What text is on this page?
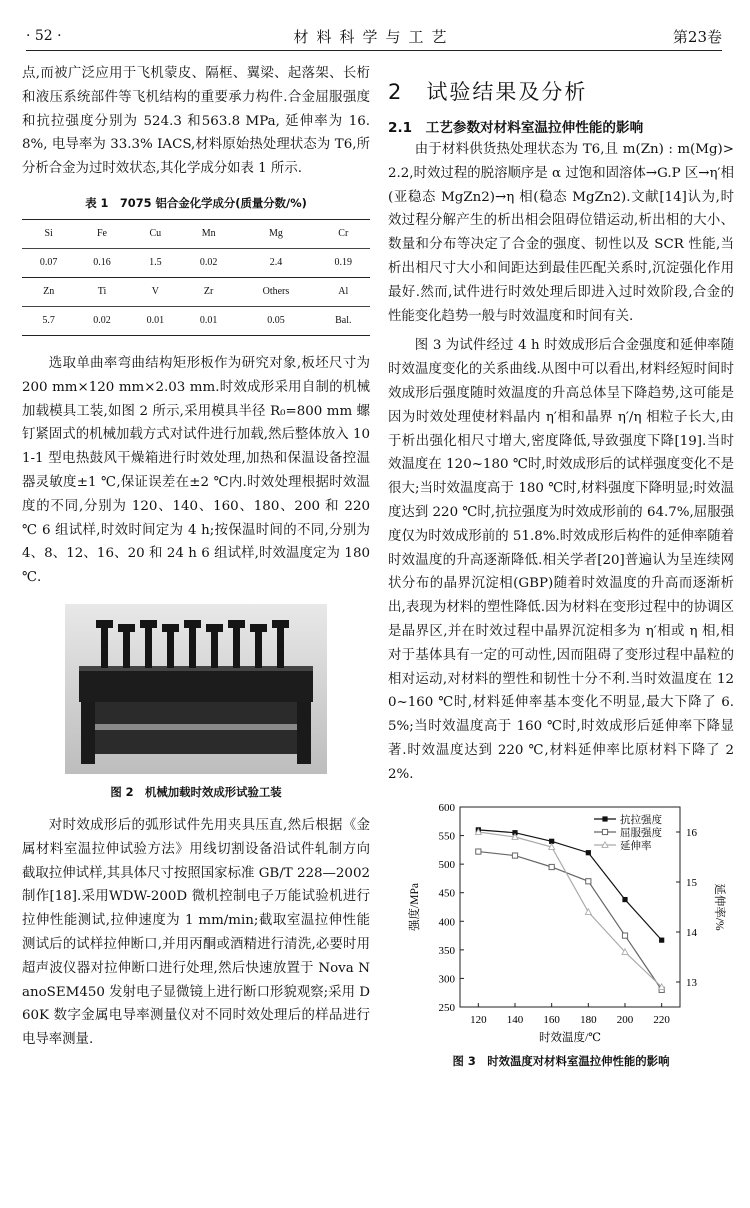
· 52 ·	材料科学与工艺	第23卷

点,而被广泛应用于飞机蒙皮、隔框、翼梁、起落架、长桁和液压系统部件等飞机结构的重要承力构件.合金屈服强度和抗拉强度分别为 524.3 和563.8 MPa, 延伸率为 16.8%, 电导率为 33.3% IACS,材料原始热处理状态为 T6,所分析合金为过时效状态,其化学成分如表 1 所示.

表 1　7075 铝合金化学成分(质量分数/%)
Si	Fe	Cu	Mn	Mg	Cr
0.07	0.16	1.5	0.02	2.4	0.19
Zn	Ti	V	Zr	Others	Al
5.7	0.02	0.01	0.01	0.05	Bal.

选取单曲率弯曲结构矩形板作为研究对象,板坯尺寸为 200 mm×120 mm×2.03 mm.时效成形采用自制的机械加载模具工装,如图 2 所示,采用模具半径 R₀=800 mm 螺钉紧固式的机械加载方式对试件进行加载,然后整体放入 101-1 型电热鼓风干燥箱进行时效处理,加热和保温设备控温器灵敏度±1 ℃,保证误差在±2 ℃内.时效处理根据时效温度的不同,分别为 120、140、160、180、200 和 220 ℃ 6 组试样,时效时间定为 4 h;按保温时间的不同,分别为 4、8、12、16、20 和 24 h 6 组试样,时效温度定为 180 ℃.

图 2　机械加载时效成形试验工装

对时效成形后的弧形试件先用夹具压直,然后根据《金属材料室温拉伸试验方法》用线切割设备沿试件轧制方向截取拉伸试样,其具体尺寸按照国家标准 GB/T 228—2002 制作[18].采用WDW-200D 微机控制电子万能试验机进行拉伸性能测试,拉伸速度为 1 mm/min;截取室温拉伸性能测试后的试样拉伸断口,并用丙酮或酒精进行清洗,必要时用超声波仪器对拉伸断口进行处理,然后快速放置于 Nova NanoSEM450 发射电子显微镜上进行断口形貌观察;采用 D60K 数字金属电导率测量仪对不同时效处理后的样品进行电导率测量.

2　试验结果及分析
2.1　工艺参数对材料室温拉伸性能的影响

由于材料供货热处理状态为 T6,且 m(Zn) : m(Mg)>2.2,时效过程的脱溶顺序是 α 过饱和固溶体→G.P 区→η′相(亚稳态 MgZn2)→η 相(稳态 MgZn2).文献[14]认为,时效过程分解产生的析出相会阻碍位错运动,析出相的大小、数量和分布等决定了合金的强度、韧性以及 SCR 性能,当析出相尺寸大小和间距达到最佳匹配关系时,沉淀强化作用最好.然而,试件进行时效处理后即进入过时效阶段,合金的性能变化趋势一般与时效温度和时间有关.

图 3 为试件经过 4 h 时效成形后合金强度和延伸率随时效温度变化的关系曲线.从图中可以看出,材料经短时间时效成形后强度随时效温度的升高总体呈下降趋势,这可能是因为时效处理使材料晶内 η′相和晶界 η′/η 相粒子长大,由于析出强化相尺寸增大,密度降低,导致强度下降[19].当时效温度在 120~180 ℃时,时效成形后的试样强度变化不是很大;当时效温度高于 180 ℃时,材料强度下降明显;时效温度达到 220 ℃时,抗拉强度为时效成形前的 64.7%,屈服强度仅为时效成形前的 51.8%.时效成形后构件的延伸率随着时效温度的升高逐渐降低.相关学者[20]普遍认为呈连续网状分布的晶界沉淀相(GBP)随着时效温度的升高而逐渐析出,表现为材料的塑性降低.因为材料在变形过程中的协调区是晶界区,并在时效过程中晶界沉淀相多为 η′相或 η 相,相对于基体具有一定的可动性,因而阻碍了变形过程中晶粒的相对运动,对材料的塑性和韧性十分不利.当时效温度在 120~160 ℃时,材料延伸率基本变化不明显,最大下降了 6.5%;当时效温度高于 160 ℃时,时效成形后延伸率下降显著.时效温度达到 220 ℃,材料延伸率比原材料下降了 22%.

120 140 160 180 200 220
250
300
350
400
450
500
550
600
13
14
15
16
时效温度/℃
强度/MPa	延伸率/%
抗拉强度
屈服强度
延伸率
图 3　时效温度对材料室温拉伸性能的影响
